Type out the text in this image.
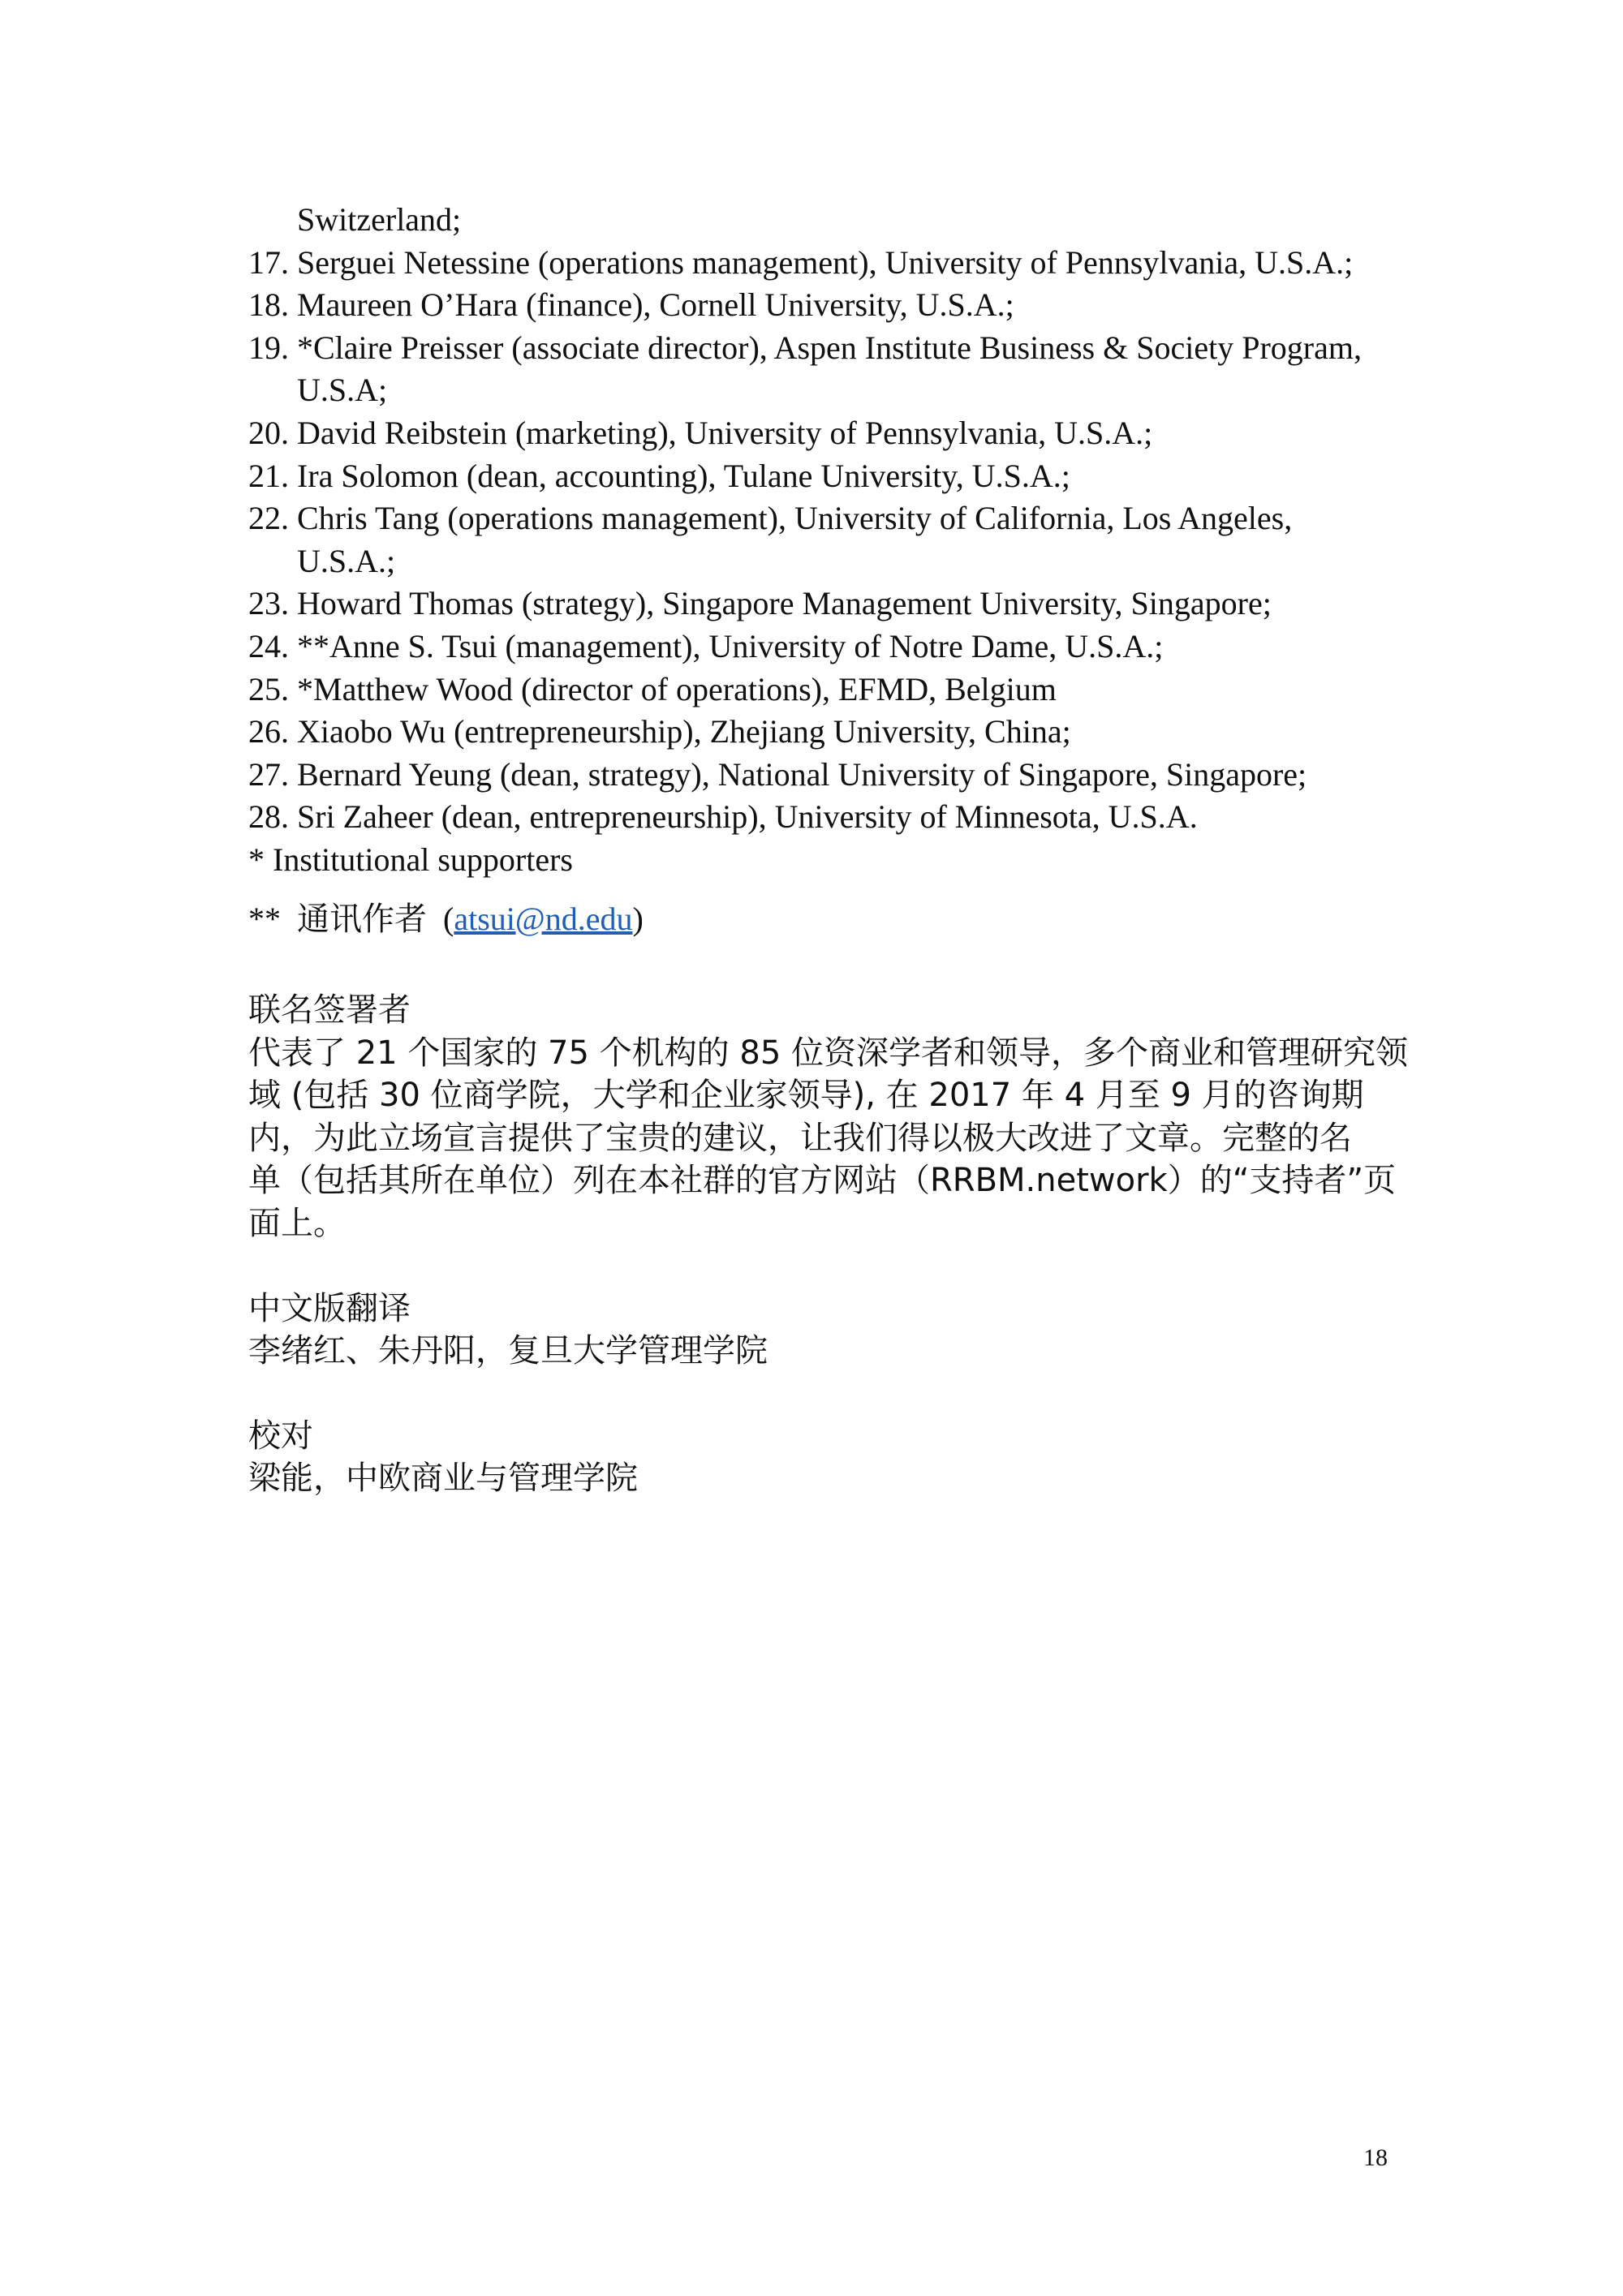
Switzerland;
17. Serguei Netessine (operations management), University of Pennsylvania, U.S.A.;
18. Maureen O’Hara (finance), Cornell University, U.S.A.;
19. *Claire Preisser (associate director), Aspen Institute Business & Society Program,
U.S.A;
20. David Reibstein (marketing), University of Pennsylvania, U.S.A.;
21. Ira Solomon (dean, accounting), Tulane University, U.S.A.;
22. Chris Tang (operations management), University of California, Los Angeles,
U.S.A.;
23. Howard Thomas (strategy), Singapore Management University, Singapore;
24. **Anne S. Tsui (management), University of Notre Dame, U.S.A.;
25. *Matthew Wood (director of operations), EFMD, Belgium
26. Xiaobo Wu (entrepreneurship), Zhejiang University, China;
27. Bernard Yeung (dean, strategy), National University of Singapore, Singapore;
28. Sri Zaheer (dean, entrepreneurship), University of Minnesota, U.S.A.
* Institutional supporters
** 通讯作者 (atsui@nd.edu)
联名签署者
代表了 21 个国家的 75 个机构的 85 位资深学者和领导，多个商业和管理研究领
域 (包括 30 位商学院，大学和企业家领导), 在 2017 年 4 月至 9 月的咨询期
内，为此立场宣言提供了宝贵的建议，让我们得以极大改进了文章。完整的名
单（包括其所在单位）列在本社群的官方网站（RRBM.network）的“支持者”页
面上。
中文版翻译
李绪红、朱丹阳，复旦大学管理学院
校对
梁能，中欧商业与管理学院
18
